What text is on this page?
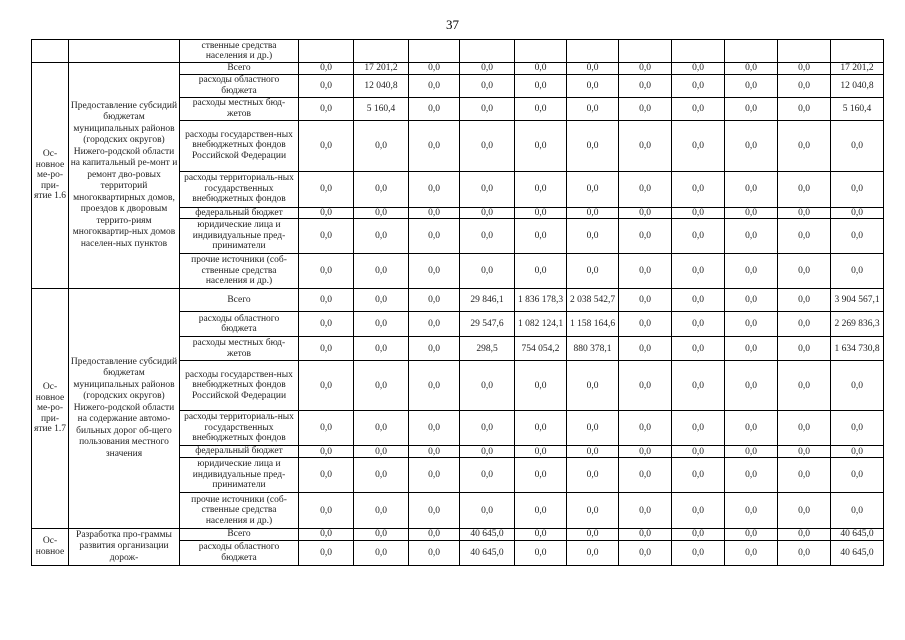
37
		ственные средства населения и др.)											
Ос-новное ме-ро-при-ятие 1.6	Предоставление субсидий бюджетам муниципальных районов (городских округов) Нижего-родской области на капитальный ре-монт и ремонт дво-ровых территорий многоквартирных домов, проездов к дворовым террито-риям многоквартир-ных домов населен-ных пунктов	Всего	0,0	17 201,2	0,0	0,0	0,0	0,0	0,0	0,0	0,0	0,0	17 201,2
		расходы областного бюджета	0,0	12 040,8	0,0	0,0	0,0	0,0	0,0	0,0	0,0	0,0	12 040,8
		расходы местных бюд-жетов	0,0	5 160,4	0,0	0,0	0,0	0,0	0,0	0,0	0,0	0,0	5 160,4
		расходы государствен-ных внебюджетных фондов Российской Федерации	0,0	0,0	0,0	0,0	0,0	0,0	0,0	0,0	0,0	0,0	0,0
		расходы территориаль-ных государственных внебюджетных фондов	0,0	0,0	0,0	0,0	0,0	0,0	0,0	0,0	0,0	0,0	0,0
		федеральный бюджет	0,0	0,0	0,0	0,0	0,0	0,0	0,0	0,0	0,0	0,0	0,0
		юридические лица и индивидуальные пред-приниматели	0,0	0,0	0,0	0,0	0,0	0,0	0,0	0,0	0,0	0,0	0,0
		прочие источники (соб-ственные средства населения и др.)	0,0	0,0	0,0	0,0	0,0	0,0	0,0	0,0	0,0	0,0	0,0
Ос-новное ме-ро-при-ятие 1.7	Предоставление субсидий бюджетам муниципальных районов (городских округов) Нижего-родской области на содержание автомо-бильных дорог об-щего пользования местного значения	Всего	0,0	0,0	0,0	29 846,1	1 836 178,3	2 038 542,7	0,0	0,0	0,0	0,0	3 904 567,1
		расходы областного бюджета	0,0	0,0	0,0	29 547,6	1 082 124,1	1 158 164,6	0,0	0,0	0,0	0,0	2 269 836,3
		расходы местных бюд-жетов	0,0	0,0	0,0	298,5	754 054,2	880 378,1	0,0	0,0	0,0	0,0	1 634 730,8
		расходы государствен-ных внебюджетных фондов Российской Федерации	0,0	0,0	0,0	0,0	0,0	0,0	0,0	0,0	0,0	0,0	0,0
		расходы территориаль-ных государственных внебюджетных фондов	0,0	0,0	0,0	0,0	0,0	0,0	0,0	0,0	0,0	0,0	0,0
		федеральный бюджет	0,0	0,0	0,0	0,0	0,0	0,0	0,0	0,0	0,0	0,0	0,0
		юридические лица и индивидуальные пред-приниматели	0,0	0,0	0,0	0,0	0,0	0,0	0,0	0,0	0,0	0,0	0,0
		прочие источники (соб-ственные средства населения и др.)	0,0	0,0	0,0	0,0	0,0	0,0	0,0	0,0	0,0	0,0	0,0
Ос-новное	Разработка про-граммы развития организации дорож-	Всего	0,0	0,0	0,0	40 645,0	0,0	0,0	0,0	0,0	0,0	0,0	40 645,0
		расходы областного бюджета	0,0	0,0	0,0	40 645,0	0,0	0,0	0,0	0,0	0,0	0,0	40 645,0
